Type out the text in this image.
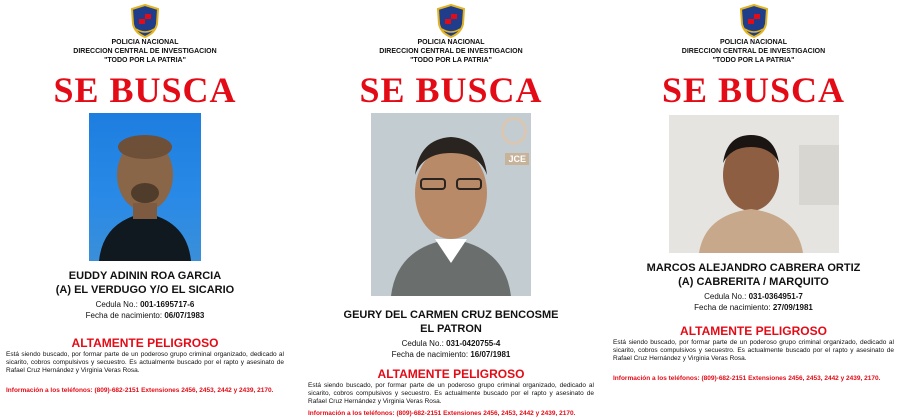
POLICIA NACIONAL
DIRECCION CENTRAL DE INVESTIGACION
"TODO POR LA PATRIA"
SE BUSCA
EUDDY ADININ ROA GARCIA
(A) EL VERDUGO Y/O EL SICARIO
Cedula No.: 001-1695717-6
Fecha de nacimiento: 06/07/1983
ALTAMENTE PELIGROSO
Está siendo buscado, por formar parte de un poderoso grupo criminal organizado, dedicado al sicarito, cobros compulsivos y secuestro. Es actualmente buscado por el rapto y asesinato de Rafael Cruz Hernández y Virginia Veras Rosa.
Información a los teléfonos: (809)-682-2151 Extensiones 2456, 2453, 2442 y 2439, 2170.
POLICIA NACIONAL
DIRECCION CENTRAL DE INVESTIGACION
"TODO POR LA PATRIA"
SE BUSCA
JCE
GEURY DEL CARMEN CRUZ BENCOSME
EL PATRON
Cedula No.: 031-0420755-4
Fecha de nacimiento: 16/07/1981
ALTAMENTE PELIGROSO
Está siendo buscado, por formar parte de un poderoso grupo criminal organizado, dedicado al sicarito, cobros compulsivos y secuestro. Es actualmente buscado por el rapto y asesinato de Rafael Cruz Hernández y Virginia Veras Rosa.
Información a los teléfonos: (809)-682-2151 Extensiones 2456, 2453, 2442 y 2439, 2170.
POLICIA NACIONAL
DIRECCION CENTRAL DE INVESTIGACION
"TODO POR LA PATRIA"
SE BUSCA
MARCOS ALEJANDRO CABRERA ORTIZ
(A) CABRERITA / MARQUITO
Cedula No.: 031-0364951-7
Fecha de nacimiento: 27/09/1981
ALTAMENTE PELIGROSO
Está siendo buscado, por formar parte de un poderoso grupo criminal organizado, dedicado al sicarito, cobros compulsivos y secuestro. Es actualmente buscado por el rapto y asesinato de Rafael Cruz Hernández y Virginia Veras Rosa.
Información a los teléfonos: (809)-682-2151 Extensiones 2456, 2453, 2442 y 2439, 2170.
